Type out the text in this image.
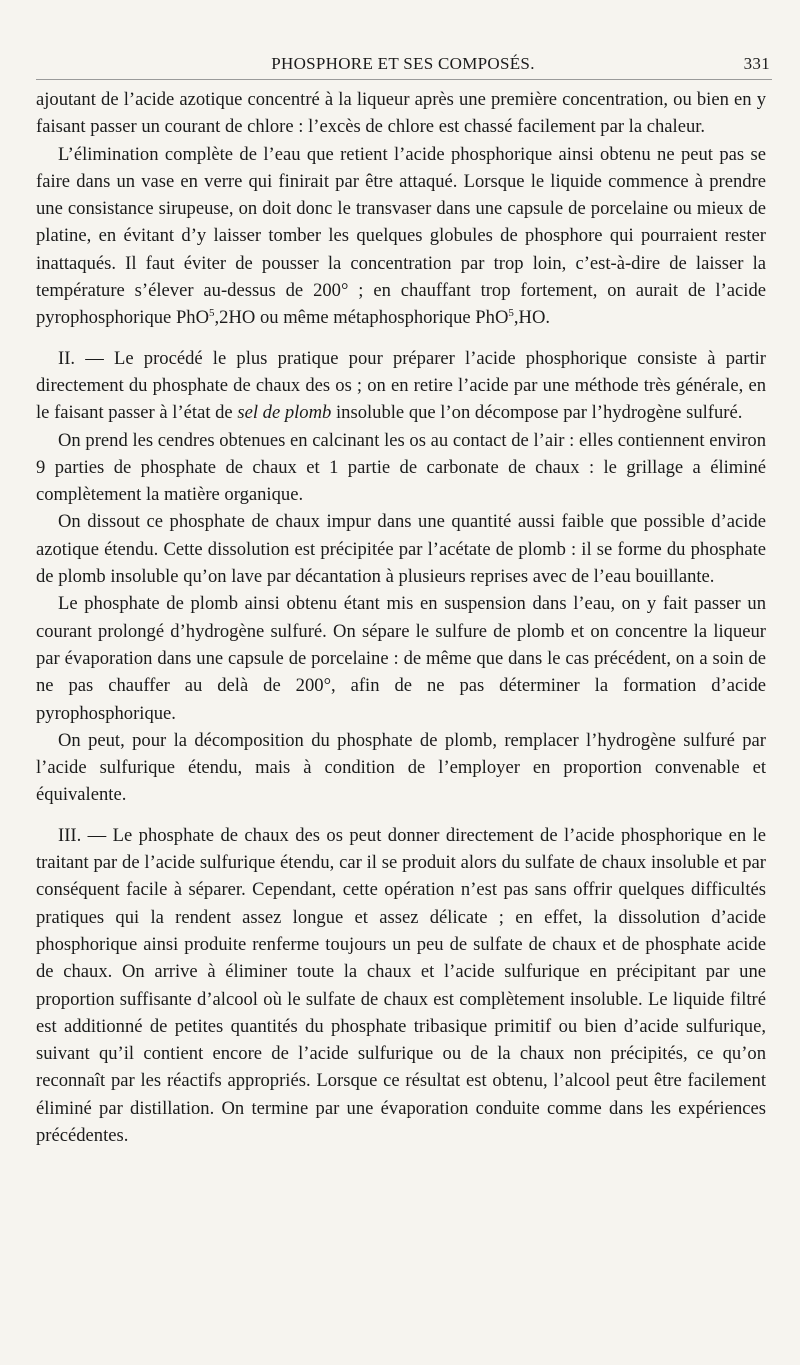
PHOSPHORE ET SES COMPOSÉS.	331

ajoutant de l’acide azotique concentré à la liqueur après une première concentration, ou bien en y faisant passer un courant de chlore : l’excès de chlore est chassé facilement par la chaleur.

L’élimination complète de l’eau que retient l’acide phosphorique ainsi obtenu ne peut pas se faire dans un vase en verre qui finirait par être attaqué. Lorsque le liquide commence à prendre une consistance sirupeuse, on doit donc le transvaser dans une capsule de porcelaine ou mieux de platine, en évitant d’y laisser tomber les quelques globules de phosphore qui pourraient rester inattaqués. Il faut éviter de pousser la concentration par trop loin, c’est-à-dire de laisser la température s’élever au-dessus de 200° ; en chauffant trop fortement, on aurait de l’acide pyrophosphorique PhO$^5$,2HO ou même métaphosphorique PhO$^5$,HO.

II. — Le procédé le plus pratique pour préparer l’acide phosphorique consiste à partir directement du phosphate de chaux des os ; on en retire l’acide par une méthode très générale, en le faisant passer à l’état de sel de plomb insoluble que l’on décompose par l’hydrogène sulfuré.

On prend les cendres obtenues en calcinant les os au contact de l’air : elles contiennent environ 9 parties de phosphate de chaux et 1 partie de carbonate de chaux : le grillage a éliminé complètement la matière organique.

On dissout ce phosphate de chaux impur dans une quantité aussi faible que possible d’acide azotique étendu. Cette dissolution est précipitée par l’acétate de plomb : il se forme du phosphate de plomb insoluble qu’on lave par décantation à plusieurs reprises avec de l’eau bouillante.

Le phosphate de plomb ainsi obtenu étant mis en suspension dans l’eau, on y fait passer un courant prolongé d’hydrogène sulfuré. On sépare le sulfure de plomb et on concentre la liqueur par évaporation dans une capsule de porcelaine : de même que dans le cas précédent, on a soin de ne pas chauffer au delà de 200°, afin de ne pas déterminer la formation d’acide pyrophosphorique.

On peut, pour la décomposition du phosphate de plomb, remplacer l’hydrogène sulfuré par l’acide sulfurique étendu, mais à condition de l’employer en proportion convenable et équivalente.

III. — Le phosphate de chaux des os peut donner directement de l’acide phosphorique en le traitant par de l’acide sulfurique étendu, car il se produit alors du sulfate de chaux insoluble et par conséquent facile à séparer. Cependant, cette opération n’est pas sans offrir quelques difficultés pratiques qui la rendent assez longue et assez délicate ; en effet, la dissolution d’acide phosphorique ainsi produite renferme toujours un peu de sulfate de chaux et de phosphate acide de chaux. On arrive à éliminer toute la chaux et l’acide sulfurique en précipitant par une proportion suffisante d’alcool où le sulfate de chaux est complètement insoluble. Le liquide filtré est additionné de petites quantités du phosphate tribasique primitif ou bien d’acide sulfurique, suivant qu’il contient encore de l’acide sulfurique ou de la chaux non précipités, ce qu’on reconnaît par les réactifs appropriés. Lorsque ce résultat est obtenu, l’alcool peut être facilement éliminé par distillation. On termine par une évaporation conduite comme dans les expériences précédentes.
